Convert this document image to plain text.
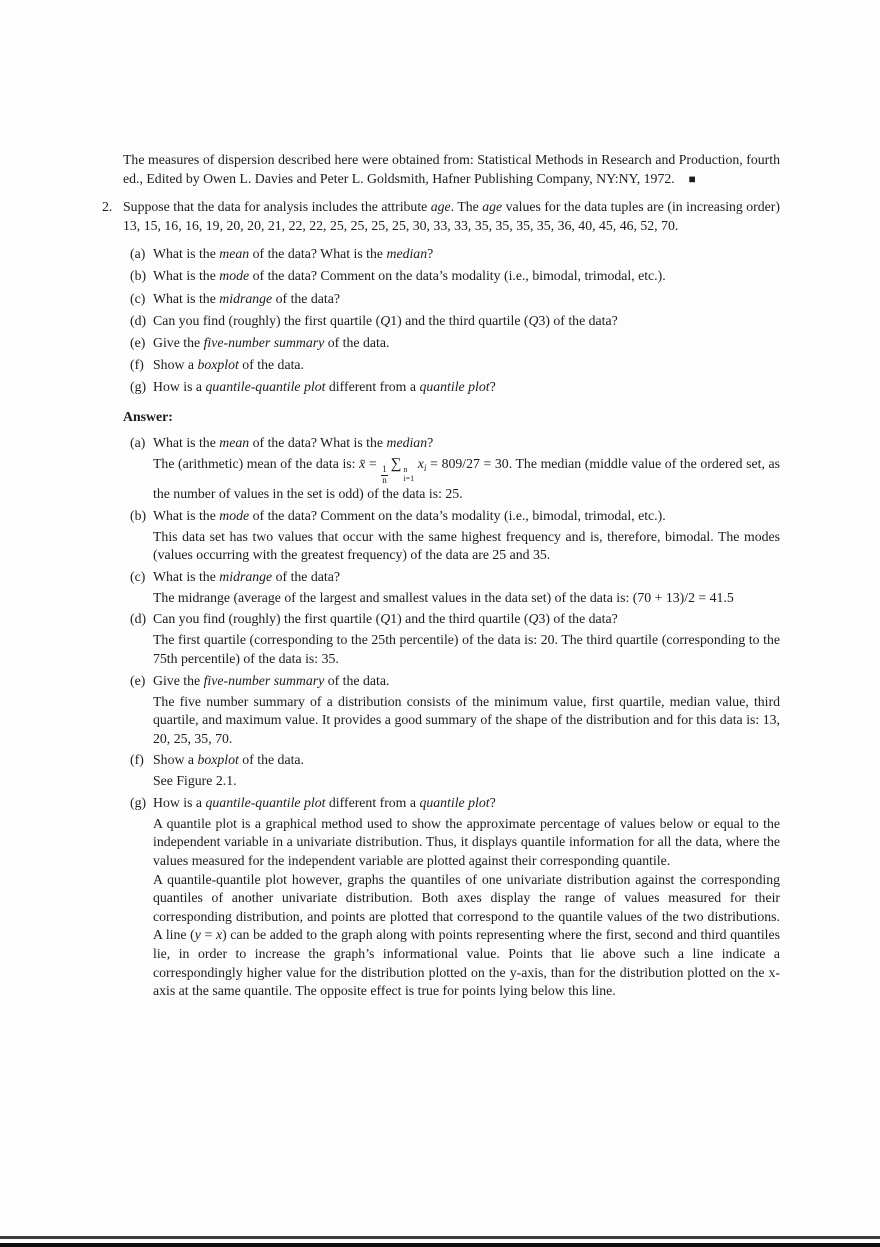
The measures of dispersion described here were obtained from: Statistical Methods in Research and Production, fourth ed., Edited by Owen L. Davies and Peter L. Goldsmith, Hafner Publishing Company, NY:NY, 1972.  ■
2. Suppose that the data for analysis includes the attribute age. The age values for the data tuples are (in increasing order) 13, 15, 16, 16, 19, 20, 20, 21, 22, 22, 25, 25, 25, 25, 30, 33, 33, 35, 35, 35, 35, 36, 40, 45, 46, 52, 70.
(a) What is the mean of the data? What is the median?
(b) What is the mode of the data? Comment on the data’s modality (i.e., bimodal, trimodal, etc.).
(c) What is the midrange of the data?
(d) Can you find (roughly) the first quartile (Q1) and the third quartile (Q3) of the data?
(e) Give the five-number summary of the data.
(f) Show a boxplot of the data.
(g) How is a quantile-quantile plot different from a quantile plot?
Answer:
(a) What is the mean of the data? What is the median?
The (arithmetic) mean of the data is: x̄ =
$\frac{1}{n}$
∑ n
i=1
$x_i = 809/27 = 30$. The median (middle value of the ordered set, as the number of values in the set is odd) of the data is: 25.
(b) What is the mode of the data? Comment on the data’s modality (i.e., bimodal, trimodal, etc.).
This data set has two values that occur with the same highest frequency and is, therefore, bimodal. The modes (values occurring with the greatest frequency) of the data are 25 and 35.
(c) What is the midrange of the data?
The midrange (average of the largest and smallest values in the data set) of the data is: (70 + 13)/2 = 41.5
(d) Can you find (roughly) the first quartile (Q1) and the third quartile (Q3) of the data?
The first quartile (corresponding to the 25th percentile) of the data is: 20. The third quartile (corresponding to the 75th percentile) of the data is: 35.
(e) Give the five-number summary of the data.
The five number summary of a distribution consists of the minimum value, first quartile, median value, third quartile, and maximum value. It provides a good summary of the shape of the distribution and for this data is: 13, 20, 25, 35, 70.
(f) Show a boxplot of the data.
See Figure 2.1.
(g) How is a quantile-quantile plot different from a quantile plot?
A quantile plot is a graphical method used to show the approximate percentage of values below or equal to the independent variable in a univariate distribution. Thus, it displays quantile information for all the data, where the values measured for the independent variable are plotted against their corresponding quantile.
A quantile-quantile plot however, graphs the quantiles of one univariate distribution against the corresponding quantiles of another univariate distribution. Both axes display the range of values measured for their corresponding distribution, and points are plotted that correspond to the quantile values of the two distributions. A line (y = x) can be added to the graph along with points representing where the first, second and third quantiles lie, in order to increase the graph’s informational value. Points that lie above such a line indicate a correspondingly higher value for the distribution plotted on the y-axis, than for the distribution plotted on the x-axis at the same quantile. The opposite effect is true for points lying below this line.
